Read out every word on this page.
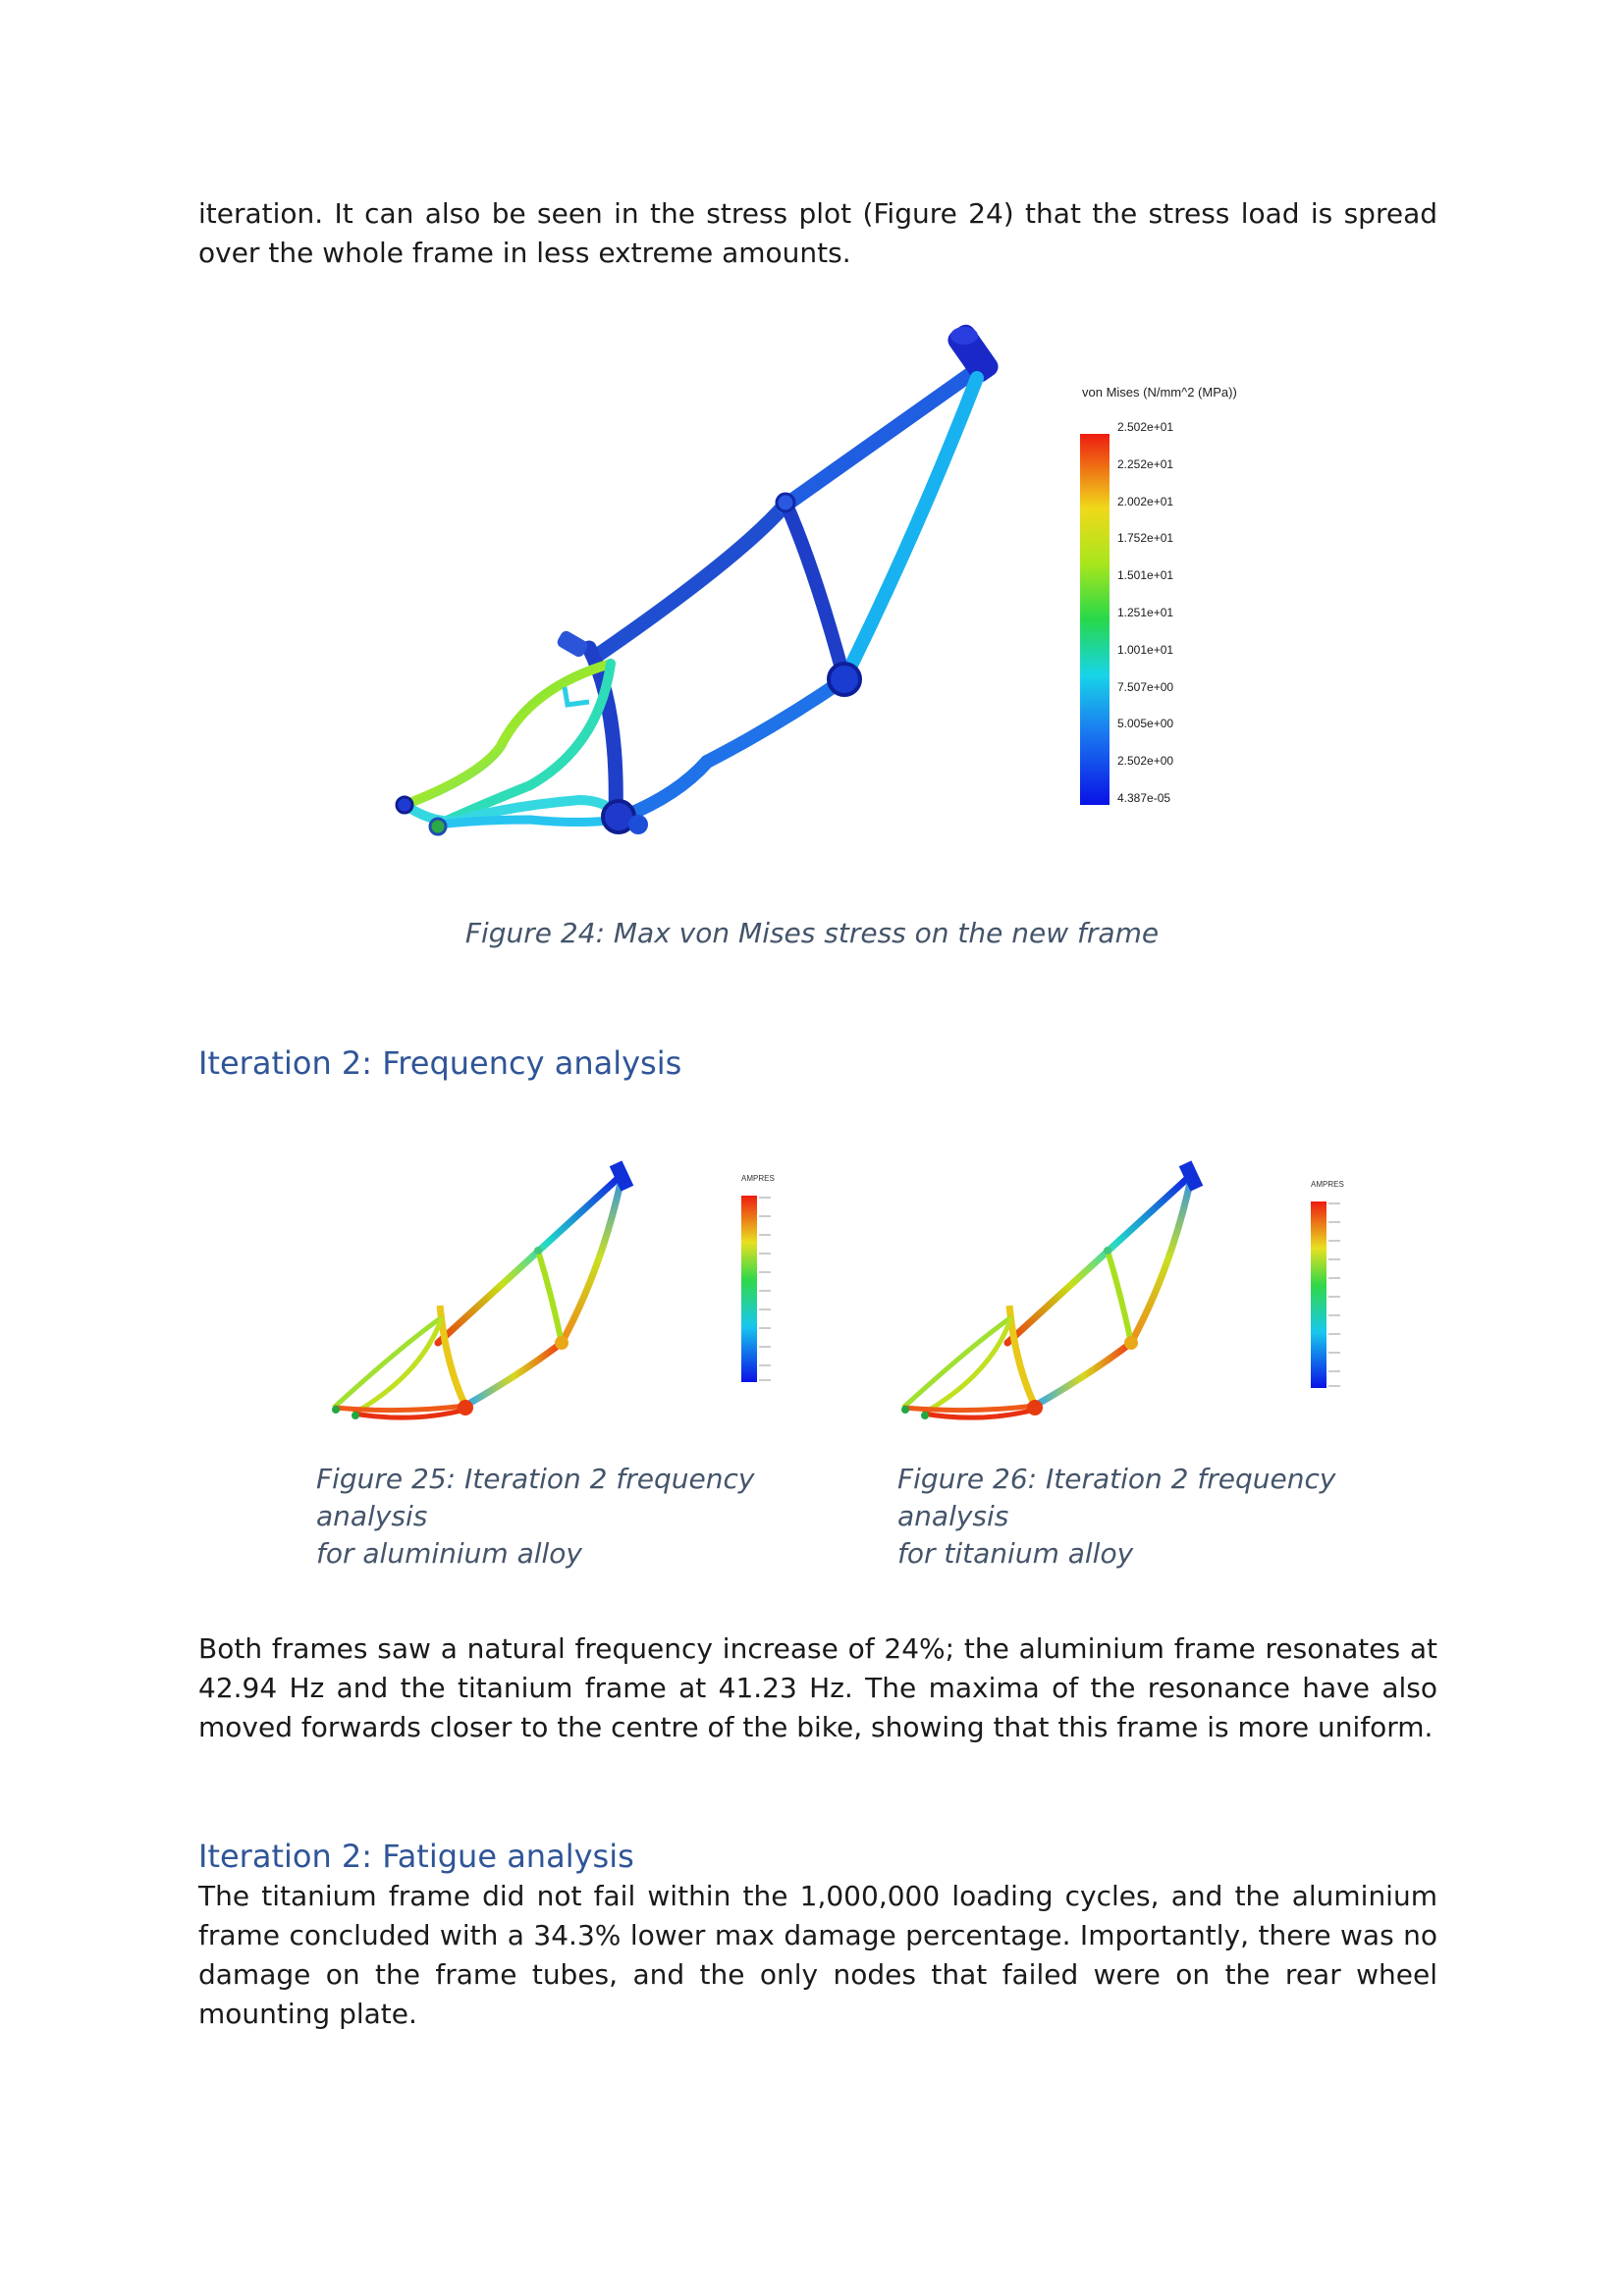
iteration. It can also be seen in the stress plot (Figure 24) that the stress load is spread over the whole frame in less extreme amounts.

von Mises (N/mm^2 (MPa))
2.502e+01
2.252e+01
2.002e+01
1.752e+01
1.501e+01
1.251e+01
1.001e+01
7.507e+00
5.005e+00
2.502e+00
4.387e-05

Figure 24: Max von Mises stress on the new frame

Iteration 2: Frequency analysis
AMPRES
AMPRES
Figure 25: Iteration 2 frequency analysis
for aluminium alloy
Figure 26: Iteration 2 frequency analysis
for titanium alloy

Both frames saw a natural frequency increase of 24%; the aluminium frame resonates at 42.94 Hz and the titanium frame at 41.23 Hz. The maxima of the resonance have also moved forwards closer to the centre of the bike, showing that this frame is more uniform.

Iteration 2: Fatigue analysis

The titanium frame did not fail within the 1,000,000 loading cycles, and the aluminium frame concluded with a 34.3% lower max damage percentage. Importantly, there was no damage on the frame tubes, and the only nodes that failed were on the rear wheel mounting plate.
